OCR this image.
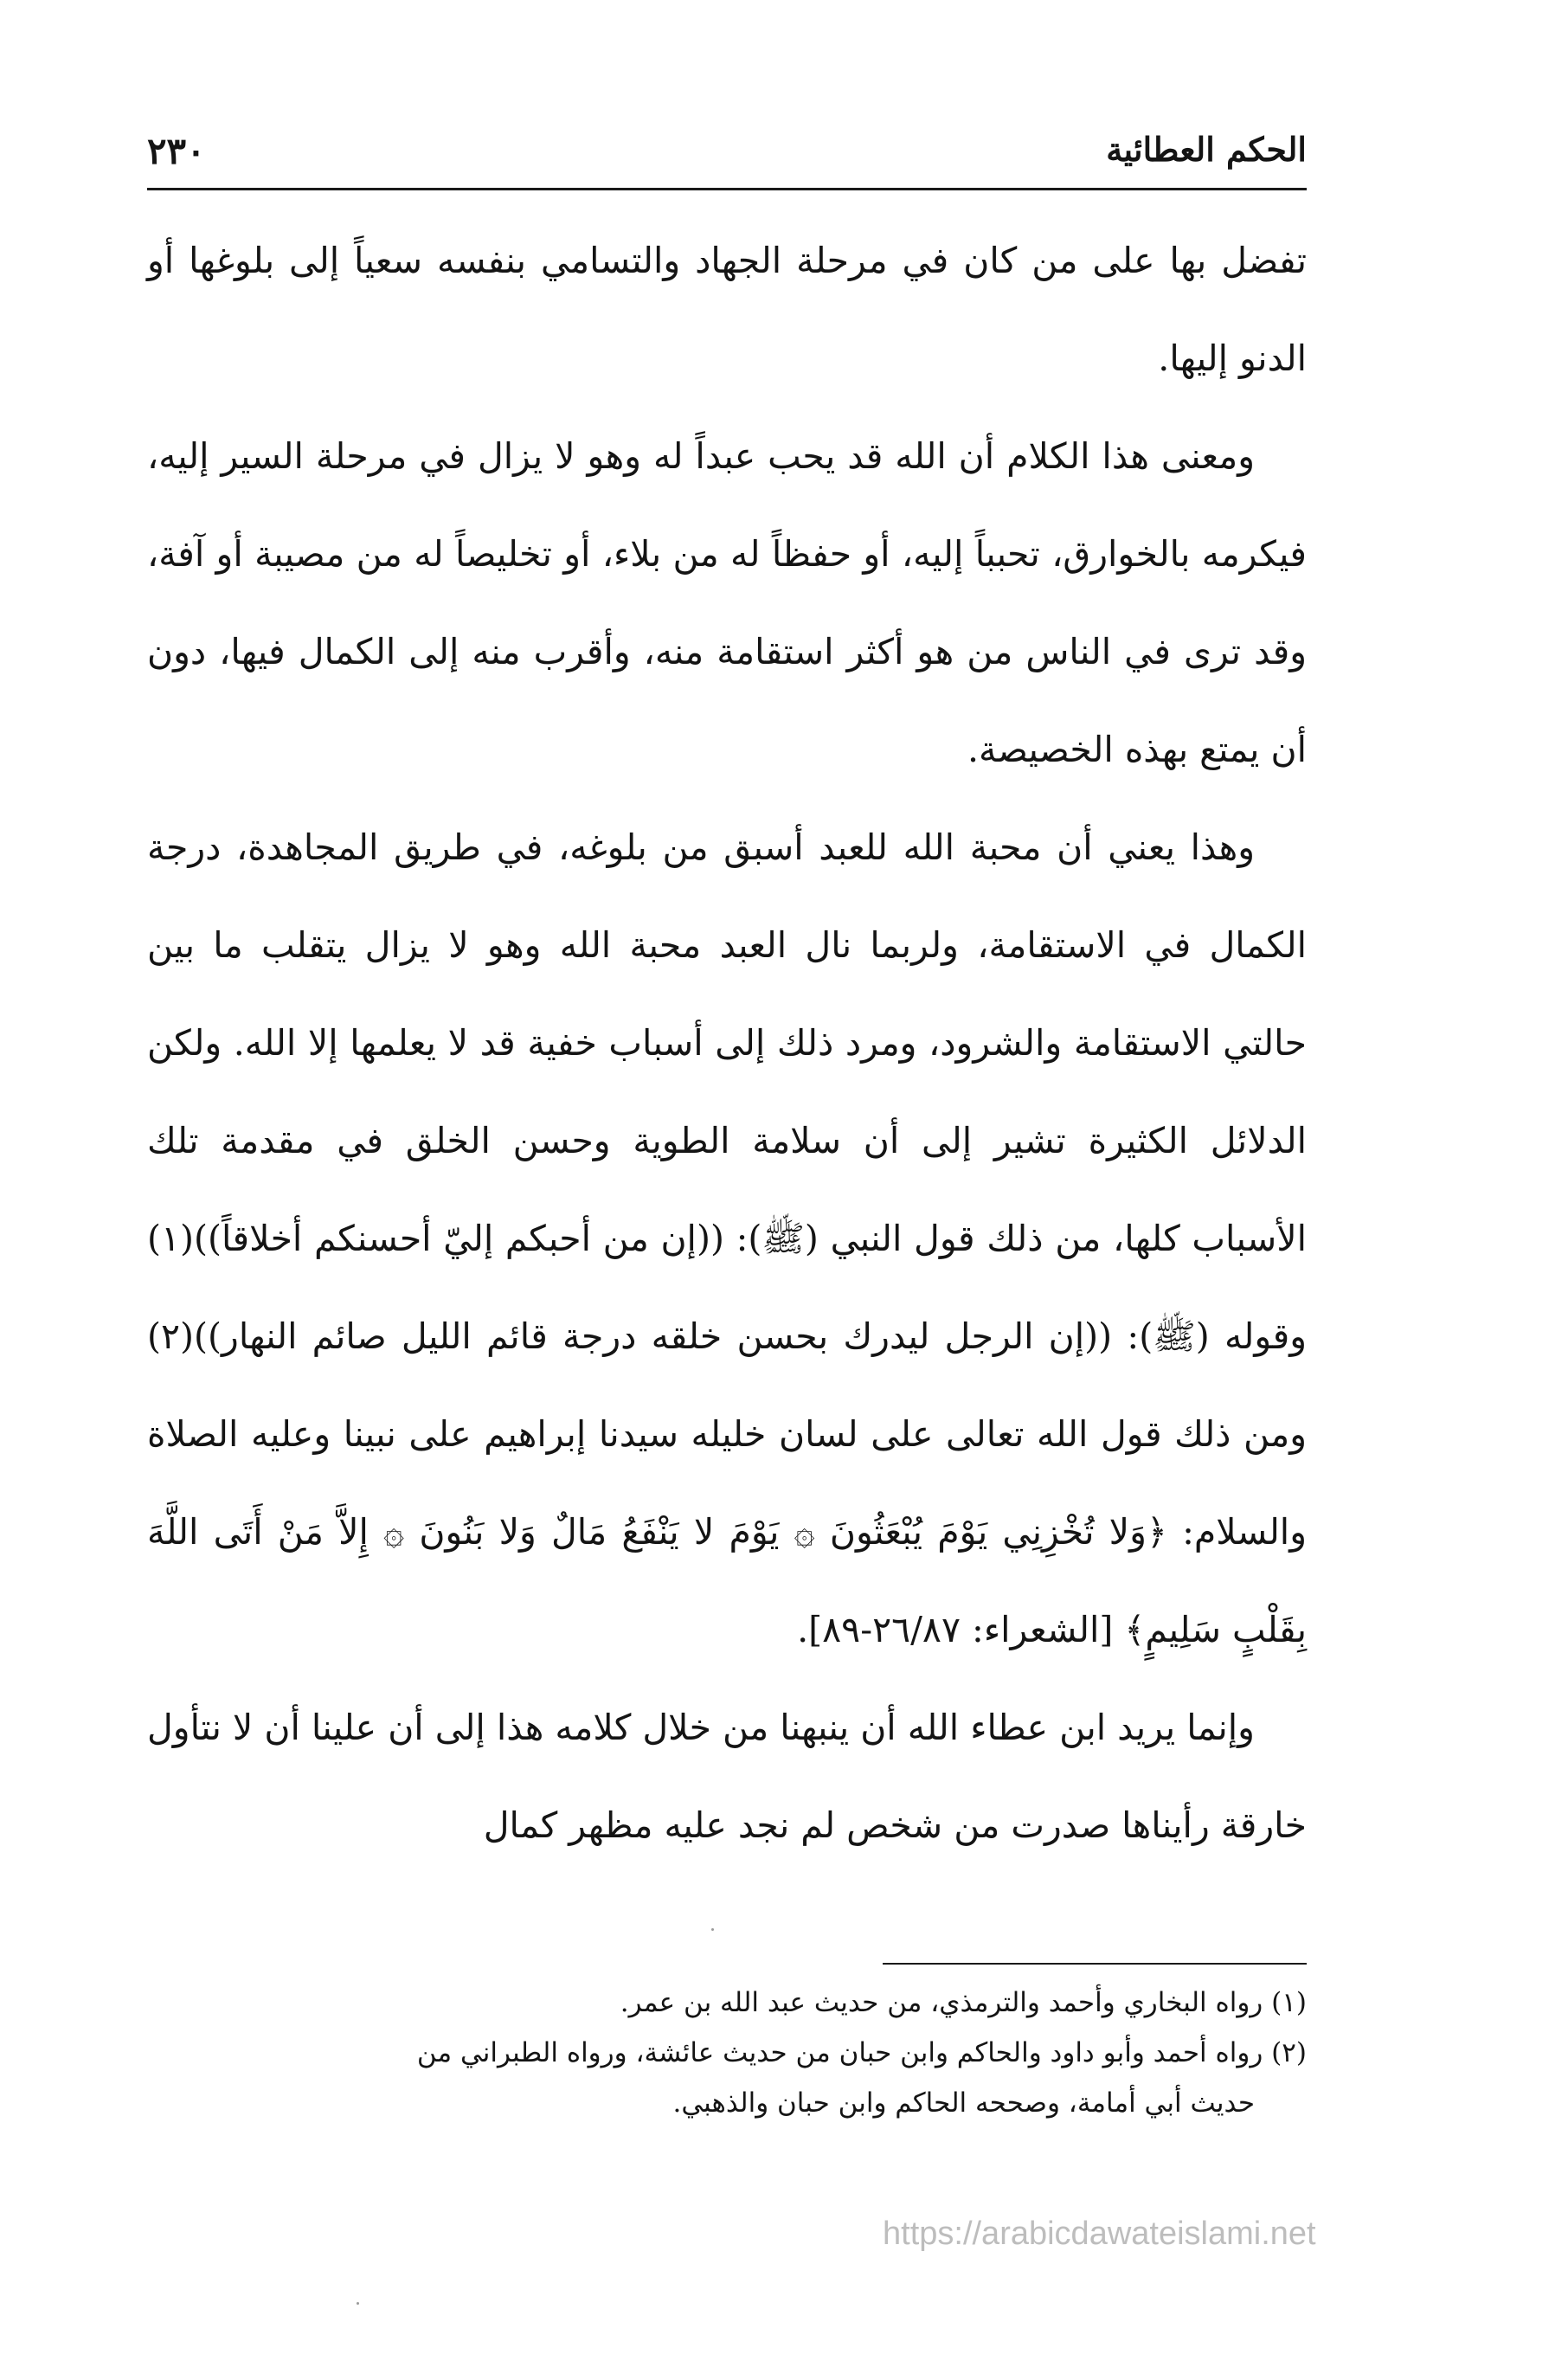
الحكم العطائية
٢٣٠

تفضل بها على من كان في مرحلة الجهاد والتسامي بنفسه سعياً إلى بلوغها أو الدنو إليها.

ومعنى هذا الكلام أن الله قد يحب عبداً له وهو لا يزال في مرحلة السير إليه، فيكرمه بالخوارق، تحبباً إليه، أو حفظاً له من بلاء، أو تخليصاً له من مصيبة أو آفة، وقد ترى في الناس من هو أكثر استقامة منه، وأقرب منه إلى الكمال فيها، دون أن يمتع بهذه الخصيصة.

وهذا يعني أن محبة الله للعبد أسبق من بلوغه، في طريق المجاهدة، درجة الكمال في الاستقامة، ولربما نال العبد محبة الله وهو لا يزال يتقلب ما بين حالتي الاستقامة والشرود، ومرد ذلك إلى أسباب خفية قد لا يعلمها إلا الله. ولكن الدلائل الكثيرة تشير إلى أن سلامة الطوية وحسن الخلق في مقدمة تلك الأسباب كلها، من ذلك قول النبي (ﷺ): ((إن من أحبكم إليّ أحسنكم أخلاقاً))(١) وقوله (ﷺ): ((إن الرجل ليدرك بحسن خلقه درجة قائم الليل صائم النهار))(٢) ومن ذلك قول الله تعالى على لسان خليله سيدنا إبراهيم على نبينا وعليه الصلاة والسلام: ﴿وَلا تُخْزِنِي يَوْمَ يُبْعَثُونَ ۞ يَوْمَ لا يَنْفَعُ مَالٌ وَلا بَنُونَ ۞ إِلاَّ مَنْ أَتَى اللَّهَ بِقَلْبٍ سَلِيمٍ﴾ [الشعراء: ٢٦/٨٧-٨٩].

وإنما يريد ابن عطاء الله أن ينبهنا من خلال كلامه هذا إلى أن علينا أن لا نتأول خارقة رأيناها صدرت من شخص لم نجد عليه مظهر كمال

(١) رواه البخاري وأحمد والترمذي، من حديث عبد الله بن عمر.

(٢) رواه أحمد وأبو داود والحاكم وابن حبان من حديث عائشة، ورواه الطبراني من

حديث أبي أمامة، وصححه الحاكم وابن حبان والذهبي.

https://arabicdawateislami.net
